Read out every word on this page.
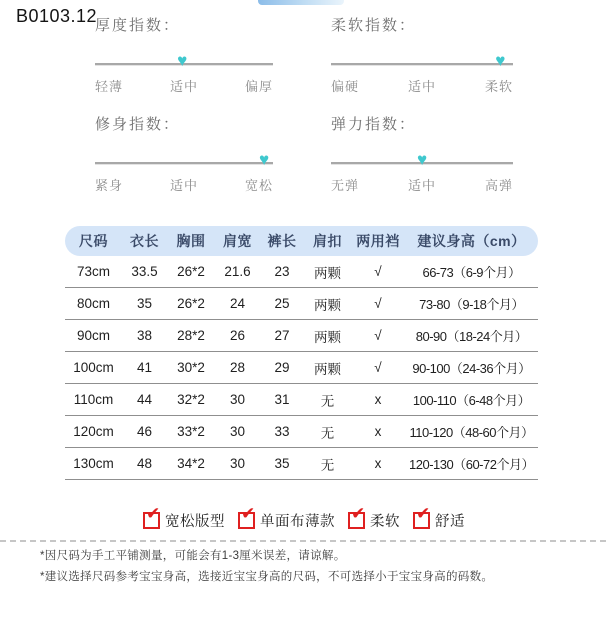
B0103.12
厚度指数：
♥
轻薄	适中	偏厚
柔软指数：
♥
偏硬	适中	柔软
修身指数：
♥
紧身	适中	宽松
弹力指数：
♥
无弹	适中	高弹
尺码	衣长	胸围	肩宽	裤长	肩扣	两用裆	建议身高（cm）
73cm	33.5	26*2	21.6	23	两颗	√	66-73（6-9个月）
80cm	35	26*2	24	25	两颗	√	73-80（9-18个月）
90cm	38	28*2	26	27	两颗	√	80-90（18-24个月）
100cm	41	30*2	28	29	两颗	√	90-100（24-36个月）
110cm	44	32*2	30	31	无	x	100-110（6-48个月）
120cm	46	33*2	30	33	无	x	110-120（48-60个月）
130cm	48	34*2	30	35	无	x	120-130（60-72个月）
✔ 宽松版型 ✔ 单面布薄款 ✔ 柔软 ✔ 舒适

*因尺码为手工平铺测量，可能会有1-3厘米误差，请谅解。

*建议选择尺码参考宝宝身高，选接近宝宝身高的尺码，不可选择小于宝宝身高的码数。
